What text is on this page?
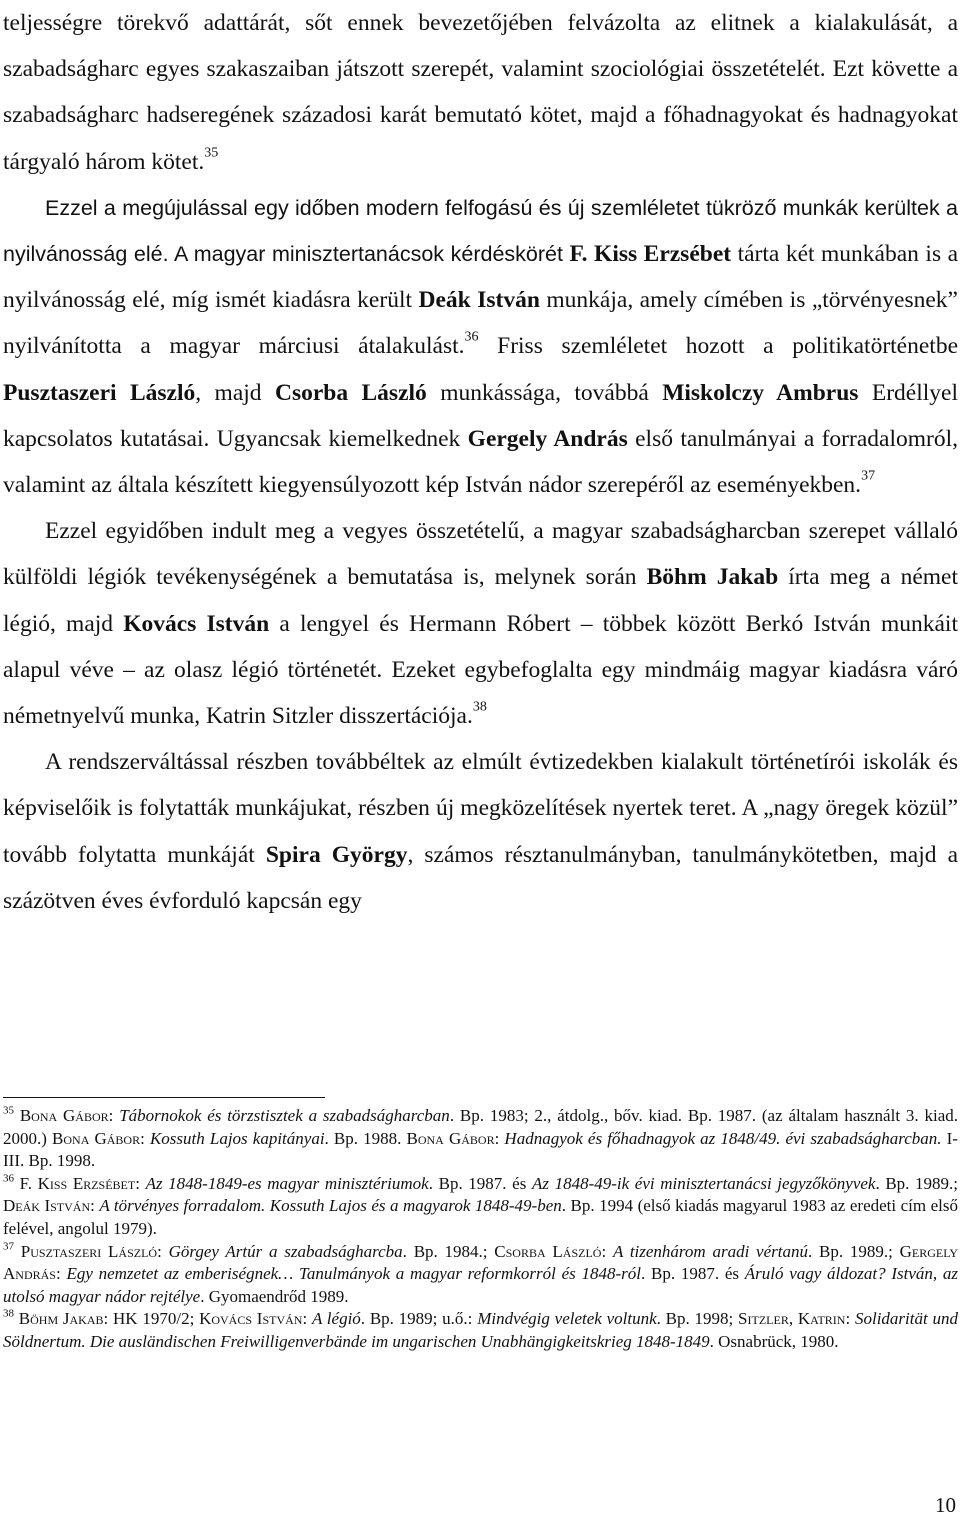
teljességre törekvő adattárát, sőt ennek bevezetőjében felvázolta az elitnek a kialakulását, a szabadságharc egyes szakaszaiban játszott szerepét, valamint szociológiai összetételét. Ezt követte a szabadságharc hadseregének századosi karát bemutató kötet, majd a főhadnagyokat és hadnagyokat tárgyaló három kötet.$^{35}$

Ezzel a megújulással egy időben modern felfogású és új szemléletet tükröző munkák kerültek a nyilvánosság elé. A magyar minisztertanácsok kérdéskörét F. Kiss Erzsébet tárta két munkában is a nyilvánosság elé, míg ismét kiadásra került Deák István munkája, amely címében is „törvényesnek” nyilvánította a magyar márciusi átalakulást.$^{36}$ Friss szemléletet hozott a politikatörténetbe Pusztaszeri László, majd Csorba László munkássága, továbbá Miskolczy Ambrus Erdéllyel kapcsolatos kutatásai. Ugyancsak kiemelkednek Gergely András első tanulmányai a forradalomról, valamint az általa készített kiegyensúlyozott kép István nádor szerepéről az eseményekben.$^{37}$

Ezzel egyidőben indult meg a vegyes összetételű, a magyar szabadságharcban szerepet vállaló külföldi légiók tevékenységének a bemutatása is, melynek során Böhm Jakab írta meg a német légió, majd Kovács István a lengyel és Hermann Róbert – többek között Berkó István munkáit alapul véve – az olasz légió történetét. Ezeket egybefoglalta egy mindmáig magyar kiadásra váró németnyelvű munka, Katrin Sitzler disszertációja.$^{38}$

A rendszerváltással részben továbbéltek az elmúlt évtizedekben kialakult történetírói iskolák és képviselőik is folytatták munkájukat, részben új megközelítések nyertek teret. A „nagy öregek közül” tovább folytatta munkáját Spira György, számos résztanulmányban, tanulmánykötetben, majd a százötven éves évforduló kapcsán egy

$^{35}$ Bona Gábor: Tábornokok és törzstisztek a szabadságharcban. Bp. 1983; 2., átdolg., bőv. kiad. Bp. 1987. (az általam használt 3. kiad. 2000.) Bona Gábor: Kossuth Lajos kapitányai. Bp. 1988. Bona Gábor: Hadnagyok és főhadnagyok az 1848/49. évi szabadságharcban. I-III. Bp. 1998.

$^{36}$ F. Kiss Erzsébet: Az 1848-1849-es magyar minisztériumok. Bp. 1987. és Az 1848-49-ik évi minisztertanácsi jegyzőkönyvek. Bp. 1989.; Deák István: A törvényes forradalom. Kossuth Lajos és a magyarok 1848-49-ben. Bp. 1994 (első kiadás magyarul 1983 az eredeti cím első felével, angolul 1979).

$^{37}$ Pusztaszeri László: Görgey Artúr a szabadságharcba. Bp. 1984.; Csorba László: A tizenhárom aradi vértanú. Bp. 1989.; Gergely András: Egy nemzetet az emberiségnek… Tanulmányok a magyar reformkorról és 1848-ról. Bp. 1987. és Áruló vagy áldozat? István, az utolsó magyar nádor rejtélye. Gyomaendrőd 1989.

$^{38}$ Böhm Jakab: HK 1970/2; Kovács István: A légió. Bp. 1989; u.ő.: Mindvégig veletek voltunk. Bp. 1998; Sitzler, Katrin: Solidarität und Söldnertum. Die ausländischen Freiwilligenverbände im ungarischen Unabhängigkeitskrieg 1848-1849. Osnabrück, 1980.

10
